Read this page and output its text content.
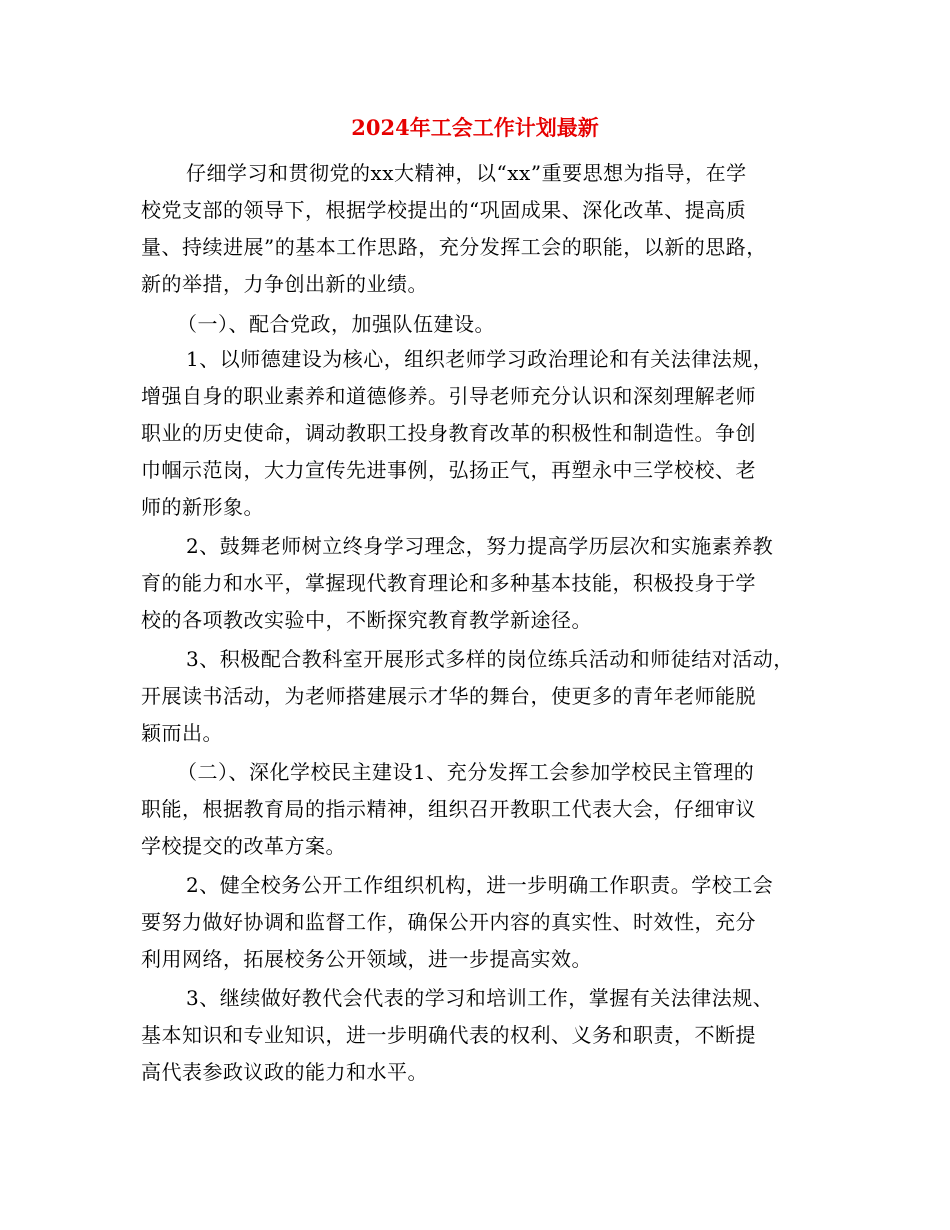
2024年工会工作计划最新
仔细学习和贯彻党的xx大精神，以“xx”重要思想为指导，在学
校党支部的领导下，根据学校提出的“巩固成果、深化改革、提高质
量、持续进展”的基本工作思路，充分发挥工会的职能，以新的思路，
新的举措，力争创出新的业绩。
（一）、配合党政，加强队伍建设。
1、以师德建设为核心，组织老师学习政治理论和有关法律法规，
增强自身的职业素养和道德修养。引导老师充分认识和深刻理解老师
职业的历史使命，调动教职工投身教育改革的积极性和制造性。争创
巾帼示范岗，大力宣传先进事例，弘扬正气，再塑永中三学校校、老
师的新形象。
2、鼓舞老师树立终身学习理念，努力提高学历层次和实施素养教
育的能力和水平，掌握现代教育理论和多种基本技能，积极投身于学
校的各项教改实验中，不断探究教育教学新途径。
3、积极配合教科室开展形式多样的岗位练兵活动和师徒结对活动，
开展读书活动，为老师搭建展示才华的舞台，使更多的青年老师能脱
颖而出。
（二）、深化学校民主建设1、充分发挥工会参加学校民主管理的
职能，根据教育局的指示精神，组织召开教职工代表大会，仔细审议
学校提交的改革方案。
2、健全校务公开工作组织机构，进一步明确工作职责。学校工会
要努力做好协调和监督工作，确保公开内容的真实性、时效性，充分
利用网络，拓展校务公开领域，进一步提高实效。
3、继续做好教代会代表的学习和培训工作，掌握有关法律法规、
基本知识和专业知识，进一步明确代表的权利、义务和职责，不断提
高代表参政议政的能力和水平。
